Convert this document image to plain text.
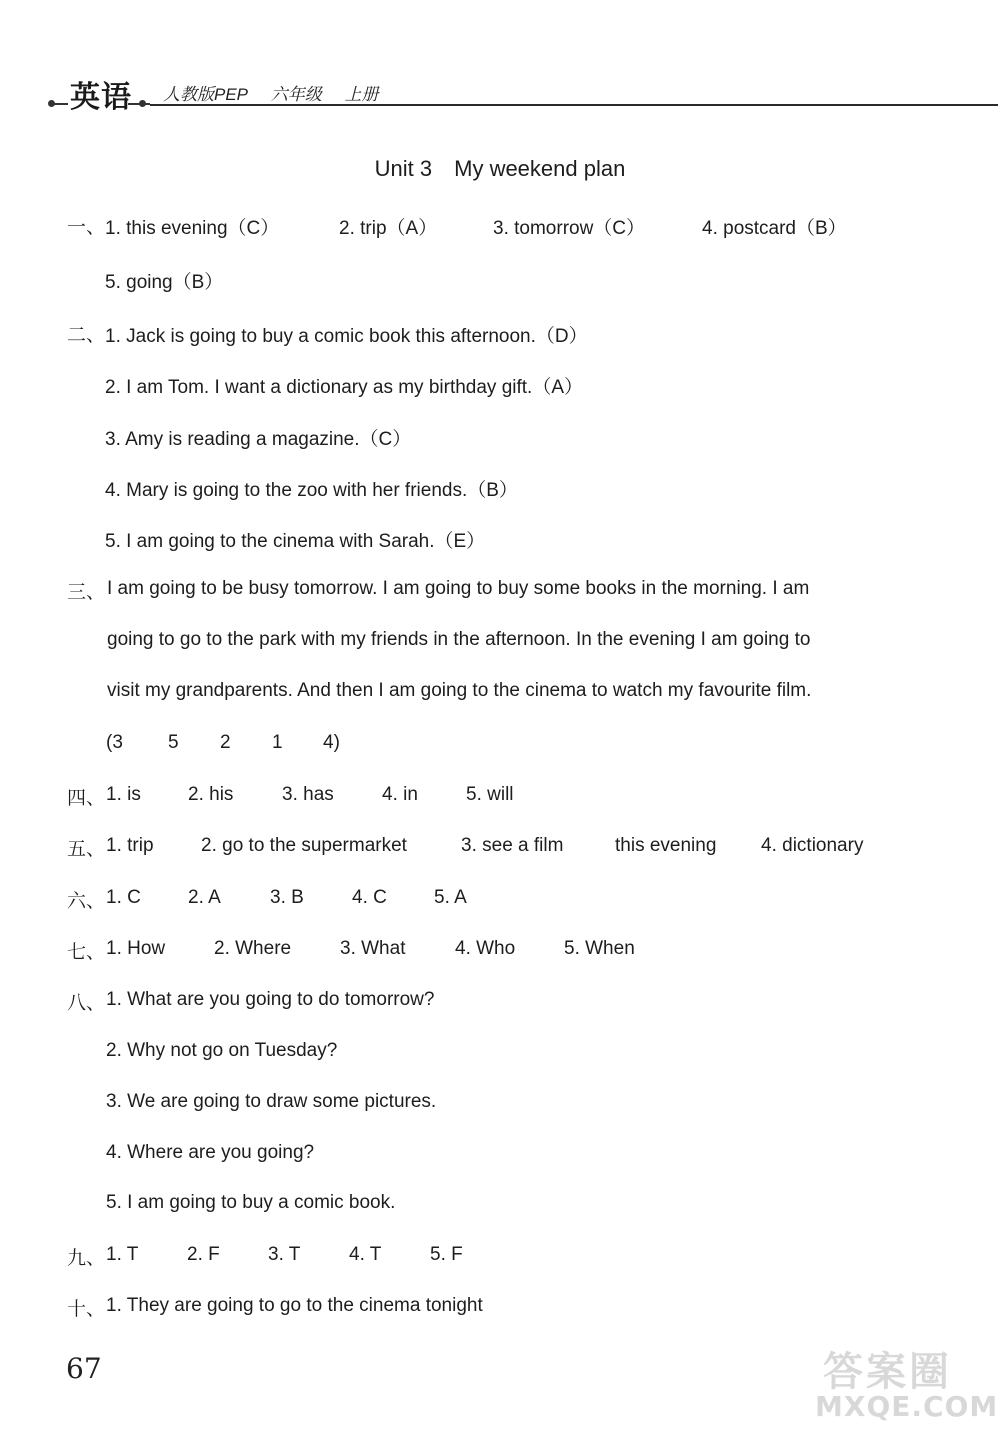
英语 人教版PEP 六年级 上册
Unit 3 My weekend plan
一、 1. this evening（C）	2. trip（A）	3. tomorrow（C）	4. postcard（B）
5. going（B）
二、 1. Jack is going to buy a comic book this afternoon.（D）
2. I am Tom. I want a dictionary as my birthday gift.（A）
3. Amy is reading a magazine.（C）
4. Mary is going to the zoo with her friends.（B）
5. I am going to the cinema with Sarah.（E）
三、 I am going to be busy tomorrow. I am going to buy some books in the morning. I am
going to go to the park with my friends in the afternoon. In the evening I am going to
visit my grandparents. And then I am going to the cinema to watch my favourite film.
(3 5 2 1 4)
四、 1. is 2. his	3. has	4. in	5. will
五、 1. trip 2. go to the supermarket	3. see a film	this evening 4. dictionary
六、 1. C 2. A	3. B	4. C 5. A
七、 1. How	2. Where	3. What	4. Who	5. When
八、 1. What are you going to do tomorrow?
2. Why not go on Tuesday?
3. We are going to draw some pictures.
4. Where are you going?
5. I am going to buy a comic book.
九、 1. T	2. F	3. T	4. T	5. F
十、 1. They are going to go to the cinema tonight
67	答案圈
MXQE.COM
